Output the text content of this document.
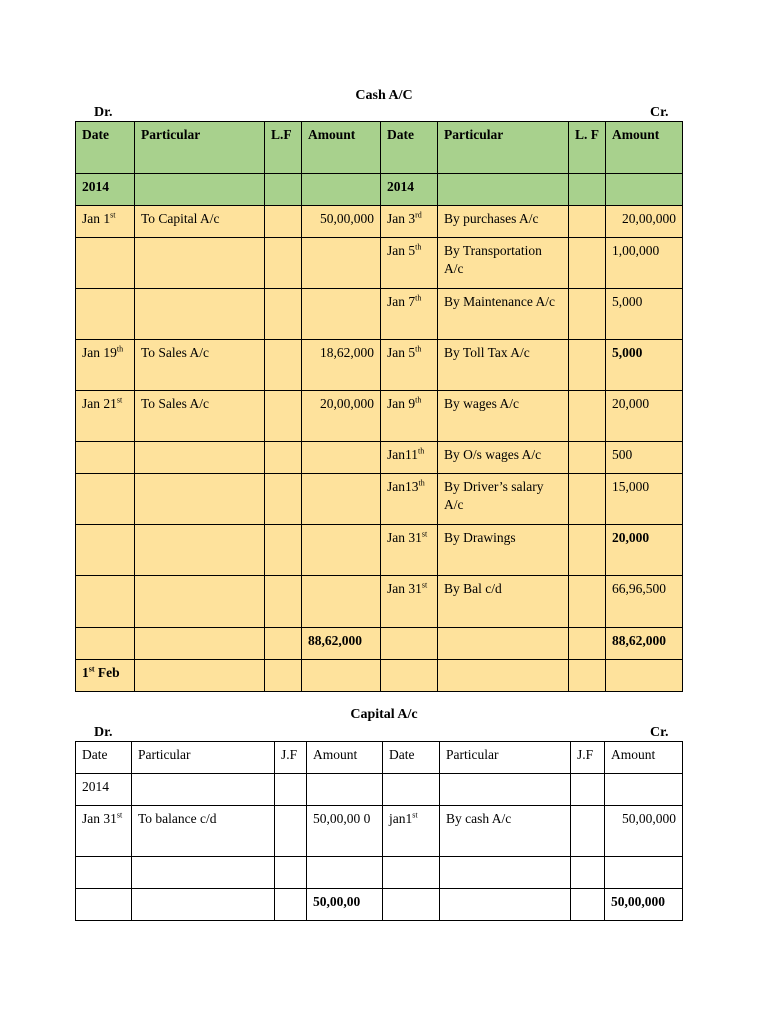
Cash A/C
Dr.	Cr.
Date	Particular	L.F	Amount	Date	Particular	L. F	Amount
2014				2014			
Jan 1st	To Capital A/c		50,00,000	Jan 3rd	By purchases A/c		20,00,000
				Jan 5th	By Transportation A/c		1,00,000
				Jan 7th	By Maintenance A/c		5,000
Jan 19th	To Sales A/c		18,62,000	Jan 5th	By Toll Tax A/c		5,000
Jan 21st	To Sales A/c		20,00,000	Jan 9th	By wages A/c		20,000
				Jan11th	By O/s wages A/c		500
				Jan13th	By Driver’s salary A/c		15,000
				Jan 31st	By Drawings		20,000
				Jan 31st	By Bal c/d		66,96,500
			88,62,000				88,62,000
1st Feb							
Capital A/c
Dr.	Cr.
Date	Particular	J.F	Amount	Date	Particular	J.F	Amount
2014							
Jan 31st	To balance c/d		50,00,00 0	jan1st	By cash A/c		50,00,000

			50,00,00				50,00,000
